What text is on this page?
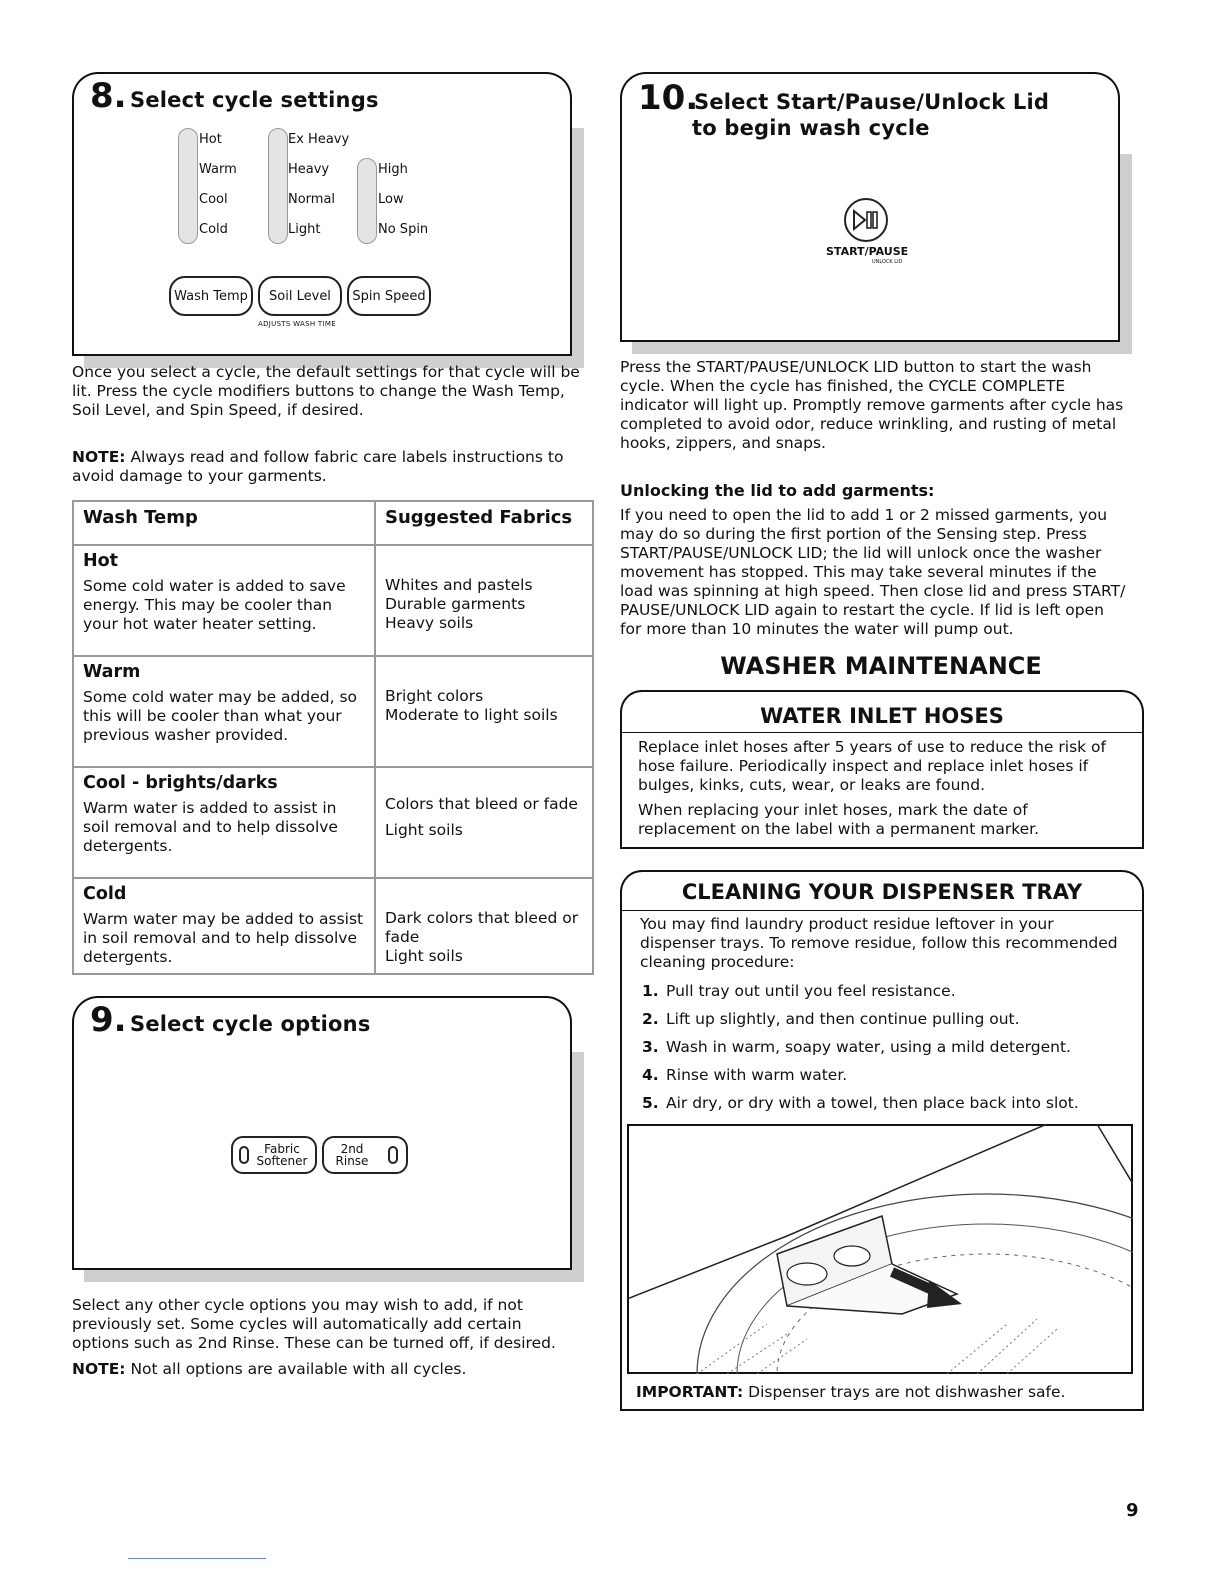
8. Select cycle settings
Hot
Warm
Cool
Cold
Ex Heavy
Heavy
Normal
Light
High
Low
No Spin
Wash Temp	Soil Level	Spin Speed
ADJUSTS WASH TIME

Once you select a cycle, the default settings for that cycle will be lit. Press the cycle modifiers buttons to change the Wash Temp, Soil Level, and Spin Speed, if desired.

NOTE: Always read and follow fabric care labels instructions to avoid damage to your garments.

Wash Temp	Suggested Fabrics

Hot
Some cold water is added to save energy. This may be cooler than your hot water heater setting.	Whites and pastels
Durable garments
Heavy soils

Warm
Some cold water may be added, so this will be cooler than what your previous washer provided.	Bright colors
Moderate to light soils

Cool - brights/darks
Warm water is added to assist in soil removal and to help dissolve detergents.	Colors that bleed or fade

Light soils

Cold
Warm water may be added to assist in soil removal and to help dissolve detergents.	Dark colors that bleed or fade
Light soils
9. Select cycle options
Fabric Softener
2nd Rinse

Select any other cycle options you may wish to add, if not previously set. Some cycles will automatically add certain options such as 2nd Rinse. These can be turned off, if desired.

NOTE: Not all options are available with all cycles.

10.
Select Start/Pause/Unlock Lid
to begin wash cycle
START/PAUSE
UNLOCK LID

Press the START/PAUSE/UNLOCK LID button to start the wash cycle. When the cycle has finished, the CYCLE COMPLETE indicator will light up. Promptly remove garments after cycle has completed to avoid odor, reduce wrinkling, and rusting of metal hooks, zippers, and snaps.

Unlocking the lid to add garments:

If you need to open the lid to add 1 or 2 missed garments, you may do so during the first portion of the Sensing step. Press START/PAUSE/UNLOCK LID; the lid will unlock once the washer movement has stopped. This may take several minutes if the load was spinning at high speed. Then close lid and press START/ PAUSE/UNLOCK LID again to restart the cycle. If lid is left open for more than 10 minutes the water will pump out.

WASHER MAINTENANCE
WATER INLET HOSES

Replace inlet hoses after 5 years of use to reduce the risk of hose failure. Periodically inspect and replace inlet hoses if bulges, kinks, cuts, wear, or leaks are found.

When replacing your inlet hoses, mark the date of replacement on the label with a permanent marker.

CLEANING YOUR DISPENSER TRAY

You may find laundry product residue leftover in your dispenser trays. To remove residue, follow this recommended cleaning procedure:

1. Pull tray out until you feel resistance.
2. Lift up slightly, and then continue pulling out.
3. Wash in warm, soapy water, using a mild detergent.
4. Rinse with warm water.
5. Air dry, or dry with a towel, then place back into slot.

IMPORTANT: Dispenser trays are not dishwasher safe.

9
